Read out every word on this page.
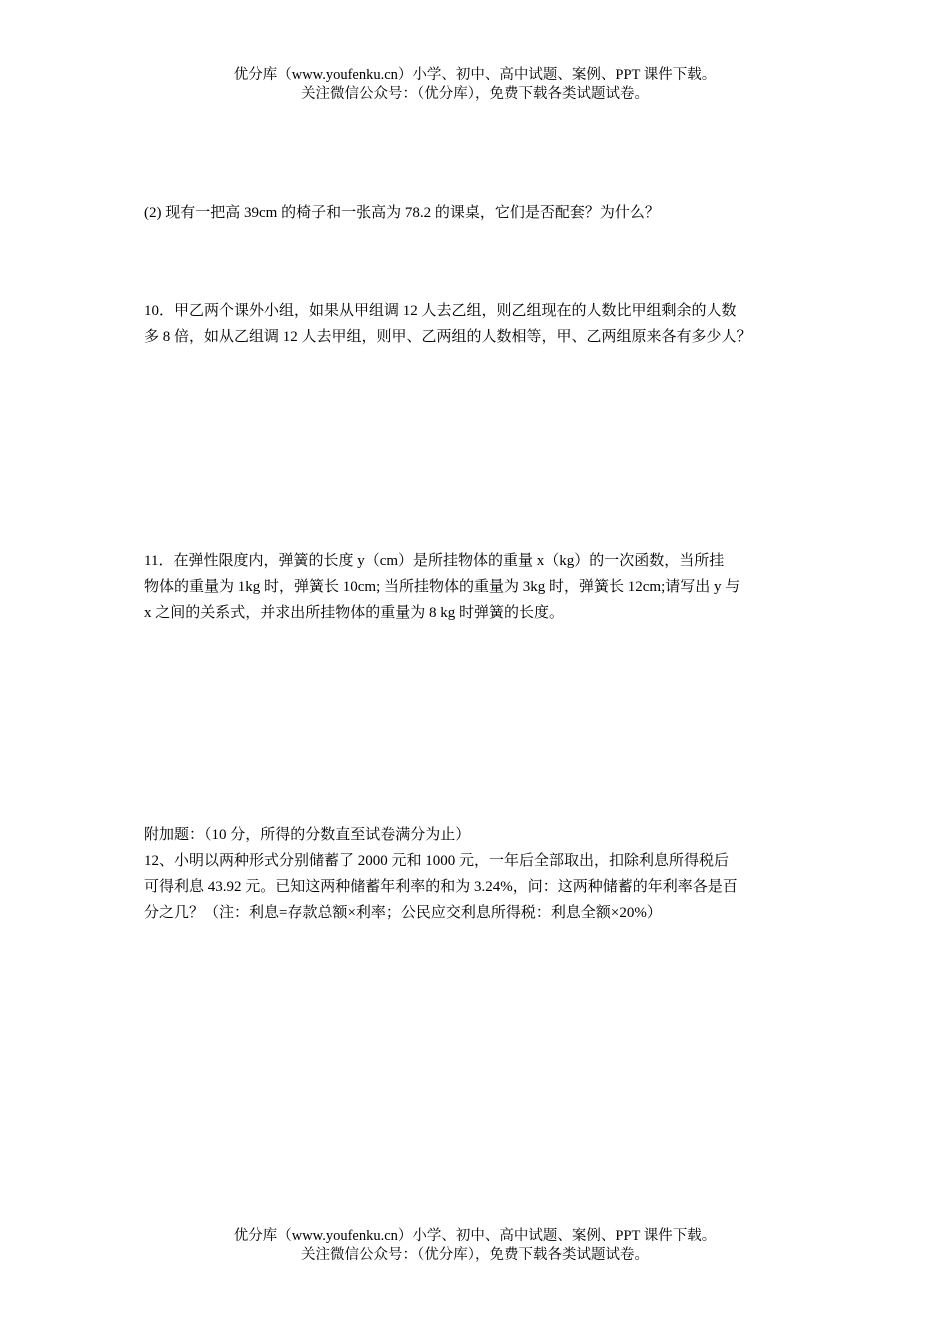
优分库（www.youfenku.cn）小学、初中、高中试题、案例、PPT 课件下载。
关注微信公众号：（优分库），免费下载各类试题试卷。
(2) 现有一把高 39cm 的椅子和一张高为 78.2 的课桌，它们是否配套？为什么？
10．甲乙两个课外小组，如果从甲组调 12 人去乙组，则乙组现在的人数比甲组剩余的人数
多 8 倍，如从乙组调 12 人去甲组，则甲、乙两组的人数相等，甲、乙两组原来各有多少人？
11．在弹性限度内，弹簧的长度 y（cm）是所挂物体的重量 x（kg）的一次函数，当所挂
物体的重量为 1kg 时，弹簧长 10cm; 当所挂物体的重量为 3kg 时，弹簧长 12cm;请写出 y 与
x 之间的关系式，并求出所挂物体的重量为 8 kg 时弹簧的长度。
附加题：（10 分，所得的分数直至试卷满分为止）
12、小明以两种形式分别储蓄了 2000 元和 1000 元，一年后全部取出，扣除利息所得税后
可得利息 43.92 元。已知这两种储蓄年利率的和为 3.24%，问：这两种储蓄的年利率各是百
分之几？（注：利息=存款总额×利率；公民应交利息所得税：利息全额×20%）
优分库（www.youfenku.cn）小学、初中、高中试题、案例、PPT 课件下载。
关注微信公众号：（优分库），免费下载各类试题试卷。
